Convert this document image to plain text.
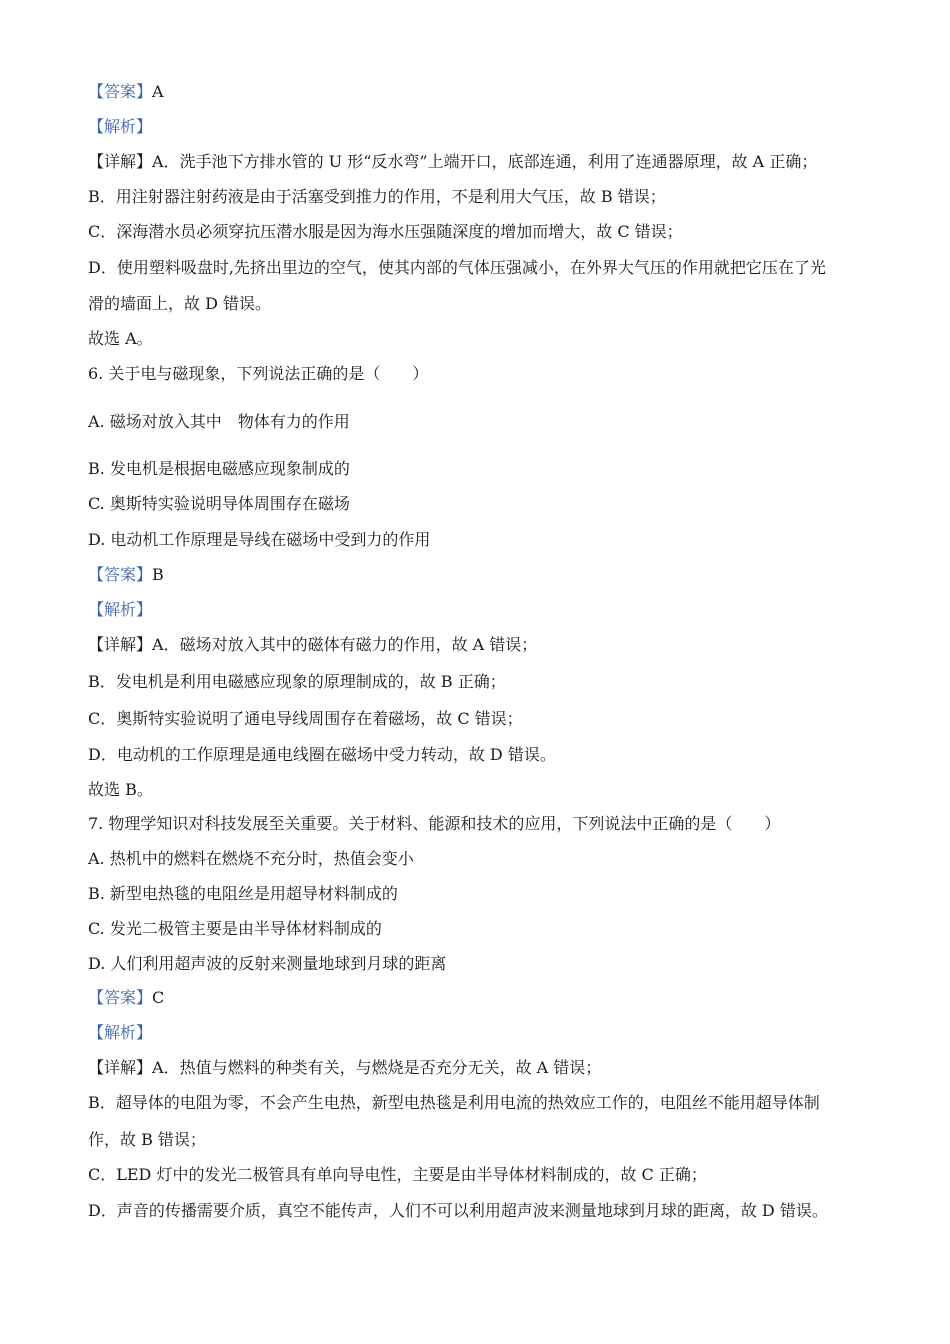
【答案】A
【解析】
【详解】A．洗手池下方排水管的 U 形“反水弯”上端开口，底部连通，利用了连通器原理，故 A 正确；
B．用注射器注射药液是由于活塞受到推力的作用，不是利用大气压，故 B 错误；
C．深海潜水员必须穿抗压潜水服是因为海水压强随深度的增加而增大，故 C 错误；
D．使用塑料吸盘时,先挤出里边的空气，使其内部的气体压强减小，在外界大气压的作用就把它压在了光
滑的墙面上，故 D 错误。
故选 A。
6. 关于电与磁现象，下列说法正确的是（　　）
A. 磁场对放入其中　物体有力的作用
B. 发电机是根据电磁感应现象制成的
C. 奥斯特实验说明导体周围存在磁场
D. 电动机工作原理是导线在磁场中受到力的作用
【答案】B
【解析】
【详解】A．磁场对放入其中的磁体有磁力的作用，故 A 错误；
B．发电机是利用电磁感应现象的原理制成的，故 B 正确；
C．奥斯特实验说明了通电导线周围存在着磁场，故 C 错误；
D．电动机的工作原理是通电线圈在磁场中受力转动，故 D 错误。
故选 B。
7. 物理学知识对科技发展至关重要。关于材料、能源和技术的应用，下列说法中正确的是（　　）
A. 热机中的燃料在燃烧不充分时，热值会变小
B. 新型电热毯的电阻丝是用超导材料制成的
C. 发光二极管主要是由半导体材料制成的
D. 人们利用超声波的反射来测量地球到月球的距离
【答案】C
【解析】
【详解】A．热值与燃料的种类有关，与燃烧是否充分无关，故 A 错误；
B．超导体的电阻为零，不会产生电热，新型电热毯是利用电流的热效应工作的，电阻丝不能用超导体制
作，故 B 错误；
C．LED 灯中的发光二极管具有单向导电性，主要是由半导体材料制成的，故 C 正确；
D．声音的传播需要介质，真空不能传声，人们不可以利用超声波来测量地球到月球的距离，故 D 错误。
